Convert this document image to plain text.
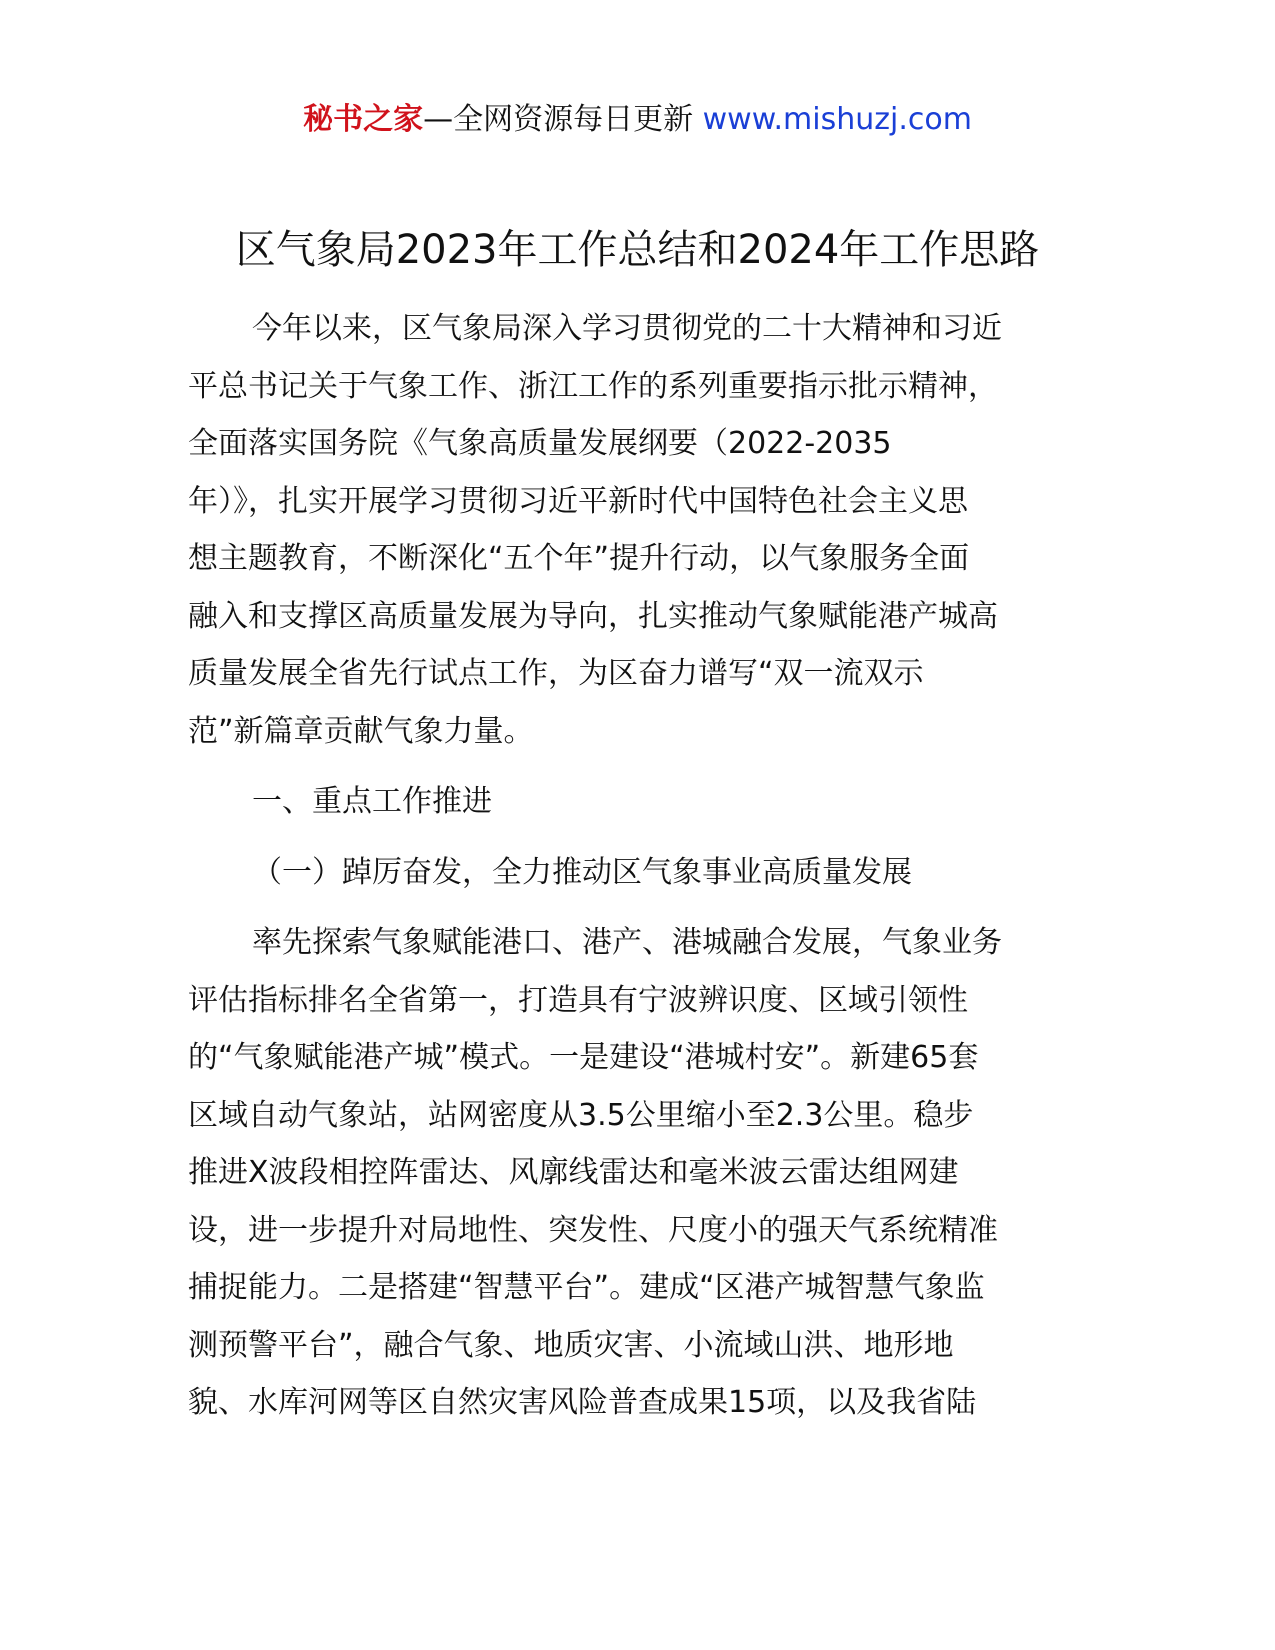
秘书之家—全网资源每日更新 www.mishuzj.com
区气象局2023年工作总结和2024年工作思路
今年以来，区气象局深入学习贯彻党的二十大精神和习近
平总书记关于气象工作、浙江工作的系列重要指示批示精神，
全面落实国务院《气象高质量发展纲要（2022-2035
年）》，扎实开展学习贯彻习近平新时代中国特色社会主义思
想主题教育，不断深化“五个年”提升行动，以气象服务全面
融入和支撑区高质量发展为导向，扎实推动气象赋能港产城高
质量发展全省先行试点工作，为区奋力谱写“双一流双示
范”新篇章贡献气象力量。
一、重点工作推进
（一）踔厉奋发，全力推动区气象事业高质量发展
率先探索气象赋能港口、港产、港城融合发展，气象业务
评估指标排名全省第一，打造具有宁波辨识度、区域引领性
的“气象赋能港产城”模式。一是建设“港城村安”。新建65套
区域自动气象站，站网密度从3.5公里缩小至2.3公里。稳步
推进X波段相控阵雷达、风廓线雷达和毫米波云雷达组网建
设，进一步提升对局地性、突发性、尺度小的强天气系统精准
捕捉能力。二是搭建“智慧平台”。建成“区港产城智慧气象监
测预警平台”，融合气象、地质灾害、小流域山洪、地形地
貌、水库河网等区自然灾害风险普查成果15项，以及我省陆
